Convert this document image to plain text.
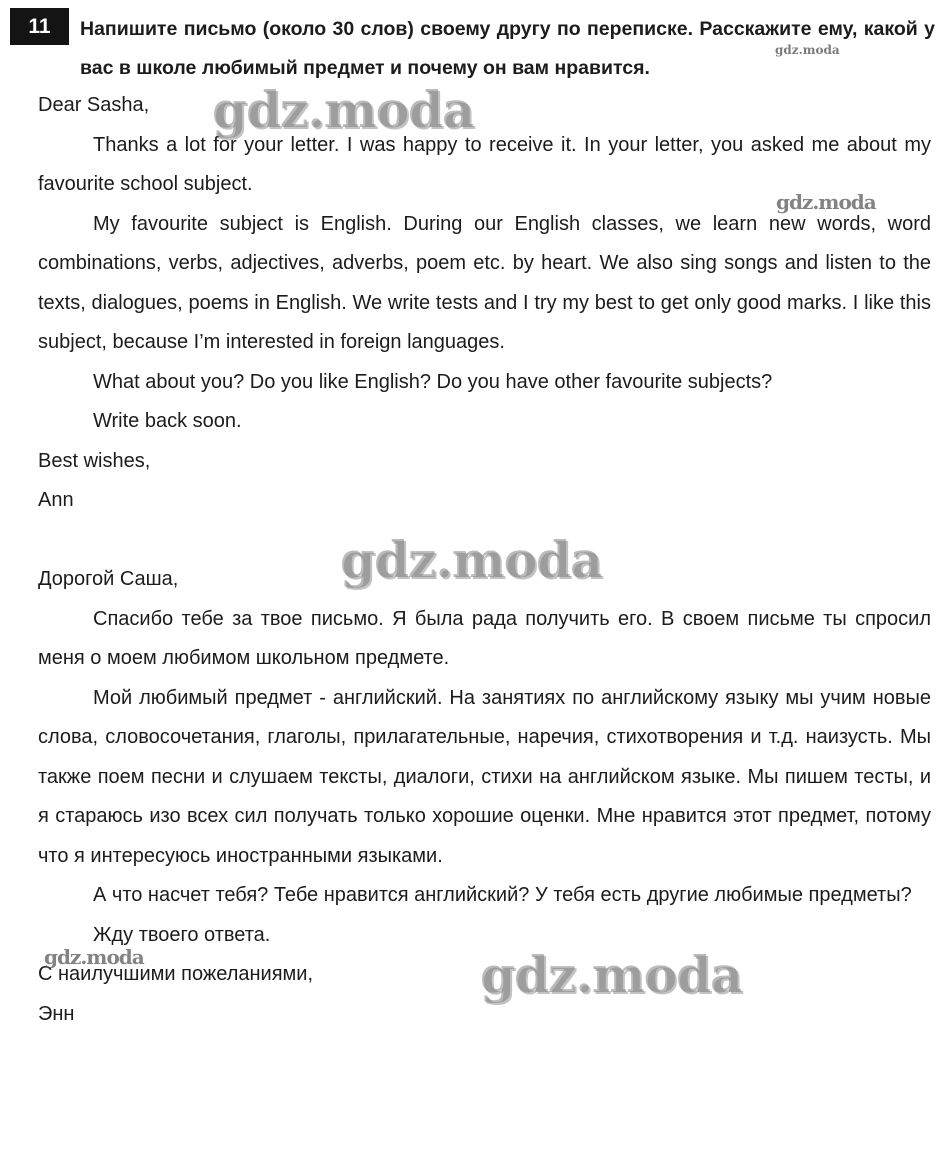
11	Напишите письмо (около 30 слов) своему другу по переписке. Расскажите ему, какой у вас в школе любимый предмет и почему он вам нравится.

Dear Sasha,

Thanks a lot for your letter. I was happy to receive it. In your letter, you asked me about my favourite school subject.

My favourite subject is English. During our English classes, we learn new words, word combinations, verbs, adjectives, adverbs, poem etc. by heart. We also sing songs and listen to the texts, dialogues, poems in English. We write tests and I try my best to get only good marks. I like this subject, because I’m interested in foreign languages.

What about you? Do you like English? Do you have other favourite subjects?

Write back soon.

Best wishes,

Ann

Дорогой Саша,

Спасибо тебе за твое письмо. Я была рада получить его. В своем письме ты спросил меня о моем любимом школьном предмете.

Мой любимый предмет - английский. На занятиях по английскому языку мы учим новые слова, словосочетания, глаголы, прилагательные, наречия, стихотворения и т.д. наизусть. Мы также поем песни и слушаем тексты, диалоги, стихи на английском языке. Мы пишем тесты, и я стараюсь изо всех сил получать только хорошие оценки. Мне нравится этот предмет, потому что я интересуюсь иностранными языками.

А что насчет тебя? Тебе нравится английский? У тебя есть другие любимые предметы?

Жду твоего ответа.

С наилучшими пожеланиями,

Энн

gdz.moda
gdz.moda
gdz.moda
gdz.moda
gdz.moda
gdz.moda
